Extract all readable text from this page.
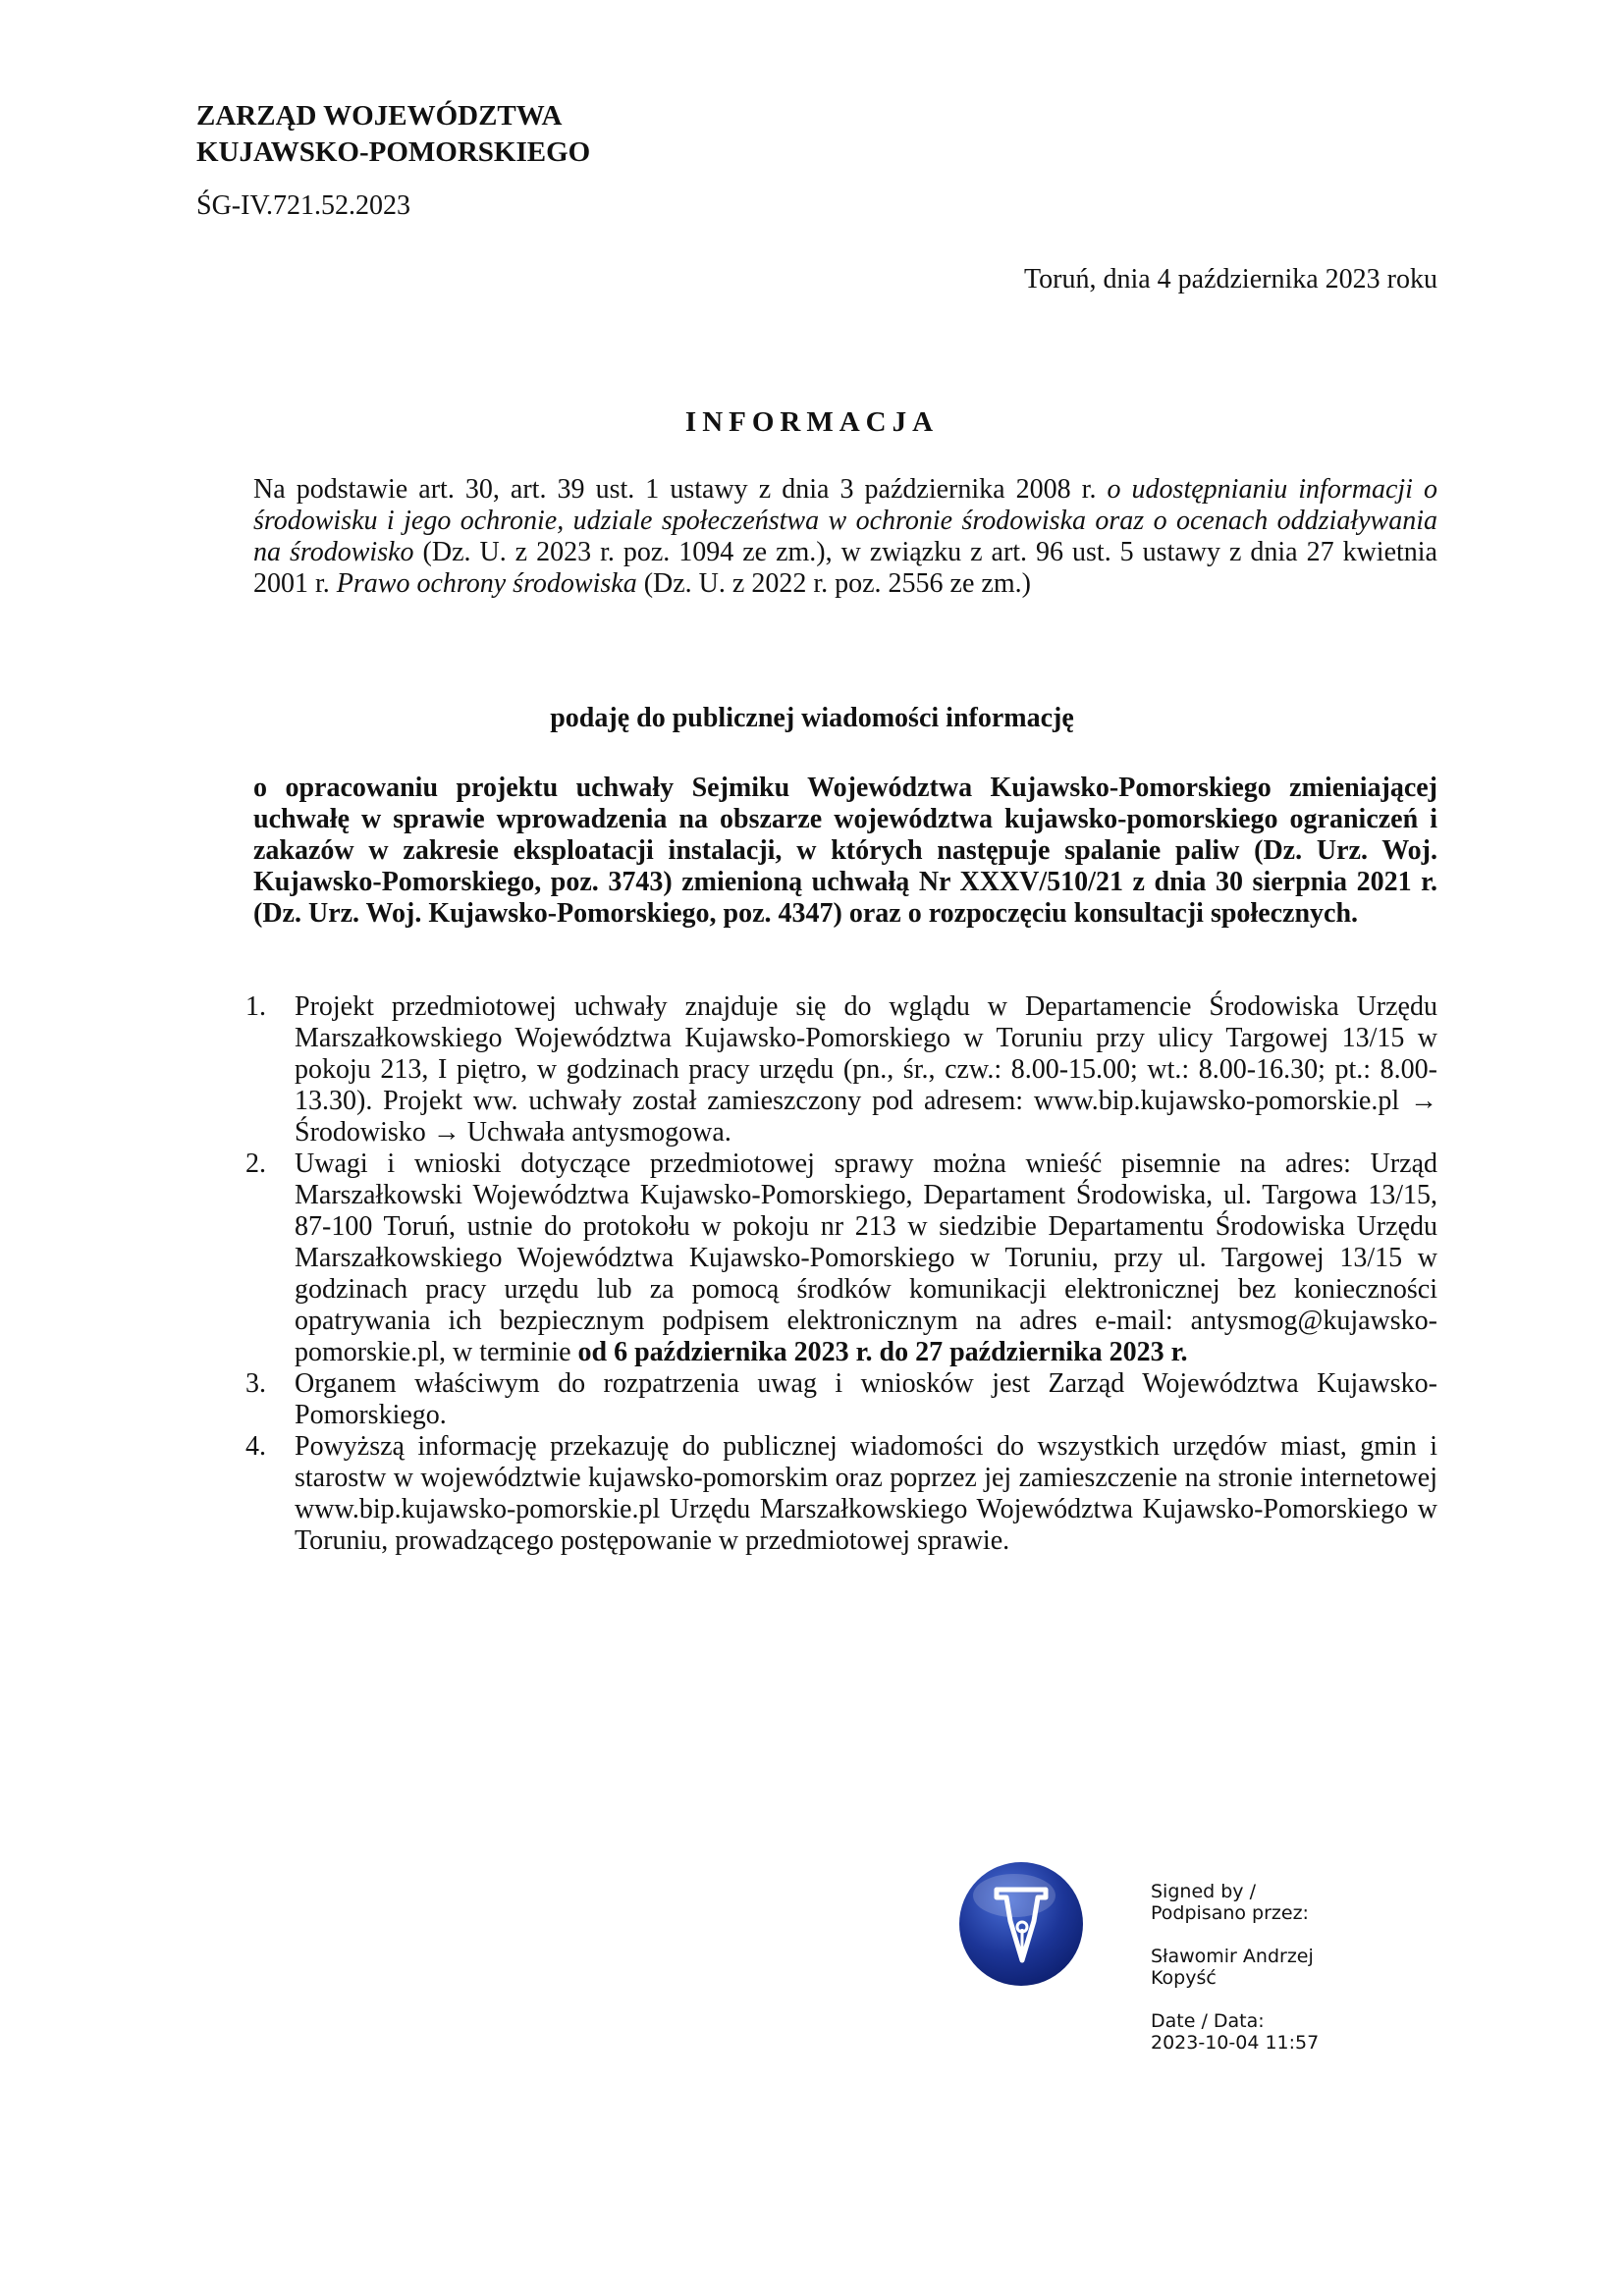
ZARZĄD WOJEWÓDZTWA
KUJAWSKO-POMORSKIEGO
ŚG-IV.721.52.2023
Toruń, dnia 4 października 2023 roku
INFORMACJA
Na podstawie art. 30, art. 39 ust. 1 ustawy z dnia 3 października 2008 r. o udostępnianiu informacji o środowisku i jego ochronie, udziale społeczeństwa w ochronie środowiska oraz o ocenach oddziaływania na środowisko (Dz. U. z 2023 r. poz. 1094 ze zm.), w związku z art. 96 ust. 5 ustawy z dnia 27 kwietnia 2001 r. Prawo ochrony środowiska (Dz. U. z 2022 r. poz. 2556 ze zm.)
podaję do publicznej wiadomości informację
o opracowaniu projektu uchwały Sejmiku Województwa Kujawsko-Pomorskiego zmieniającej uchwałę w sprawie wprowadzenia na obszarze województwa kujawsko-pomorskiego ograniczeń i zakazów w zakresie eksploatacji instalacji, w których następuje spalanie paliw (Dz. Urz. Woj. Kujawsko-Pomorskiego, poz. 3743) zmienioną uchwałą Nr XXXV/510/21 z dnia 30 sierpnia 2021 r. (Dz. Urz. Woj. Kujawsko-Pomorskiego, poz. 4347) oraz o rozpoczęciu konsultacji społecznych.
1.	Projekt przedmiotowej uchwały znajduje się do wglądu w Departamencie Środowiska Urzędu Marszałkowskiego Województwa Kujawsko-Pomorskiego w Toruniu przy ulicy Targowej 13/15 w pokoju 213, I piętro, w godzinach pracy urzędu (pn., śr., czw.: 8.00-15.00; wt.: 8.00-16.30; pt.: 8.00-13.30). Projekt ww. uchwały został zamieszczony pod adresem: www.bip.kujawsko-pomorskie.pl → Środowisko → Uchwała antysmogowa.
2.	Uwagi i wnioski dotyczące przedmiotowej sprawy można wnieść pisemnie na adres: Urząd Marszałkowski Województwa Kujawsko-Pomorskiego, Departament Środowiska, ul. Targowa 13/15, 87-100 Toruń, ustnie do protokołu w pokoju nr 213 w siedzibie Departamentu Środowiska Urzędu Marszałkowskiego Województwa Kujawsko-Pomorskiego w Toruniu, przy ul. Targowej 13/15 w godzinach pracy urzędu lub za pomocą środków komunikacji elektronicznej bez konieczności opatrywania ich bezpiecznym podpisem elektronicznym na adres e-mail: antysmog@kujawsko-pomorskie.pl, w terminie od 6 października 2023 r. do 27 października 2023 r.
3.	Organem właściwym do rozpatrzenia uwag i wniosków jest Zarząd Województwa Kujawsko-Pomorskiego.
4.	Powyższą informację przekazuję do publicznej wiadomości do wszystkich urzędów miast, gmin i starostw w województwie kujawsko-pomorskim oraz poprzez jej zamieszczenie na stronie internetowej www.bip.kujawsko-pomorskie.pl Urzędu Marszałkowskiego Województwa Kujawsko-Pomorskiego w Toruniu, prowadzącego postępowanie w przedmiotowej sprawie.
Signed by /
Podpisano przez:
Sławomir Andrzej
Kopyść
Date / Data:
2023-10-04 11:57
